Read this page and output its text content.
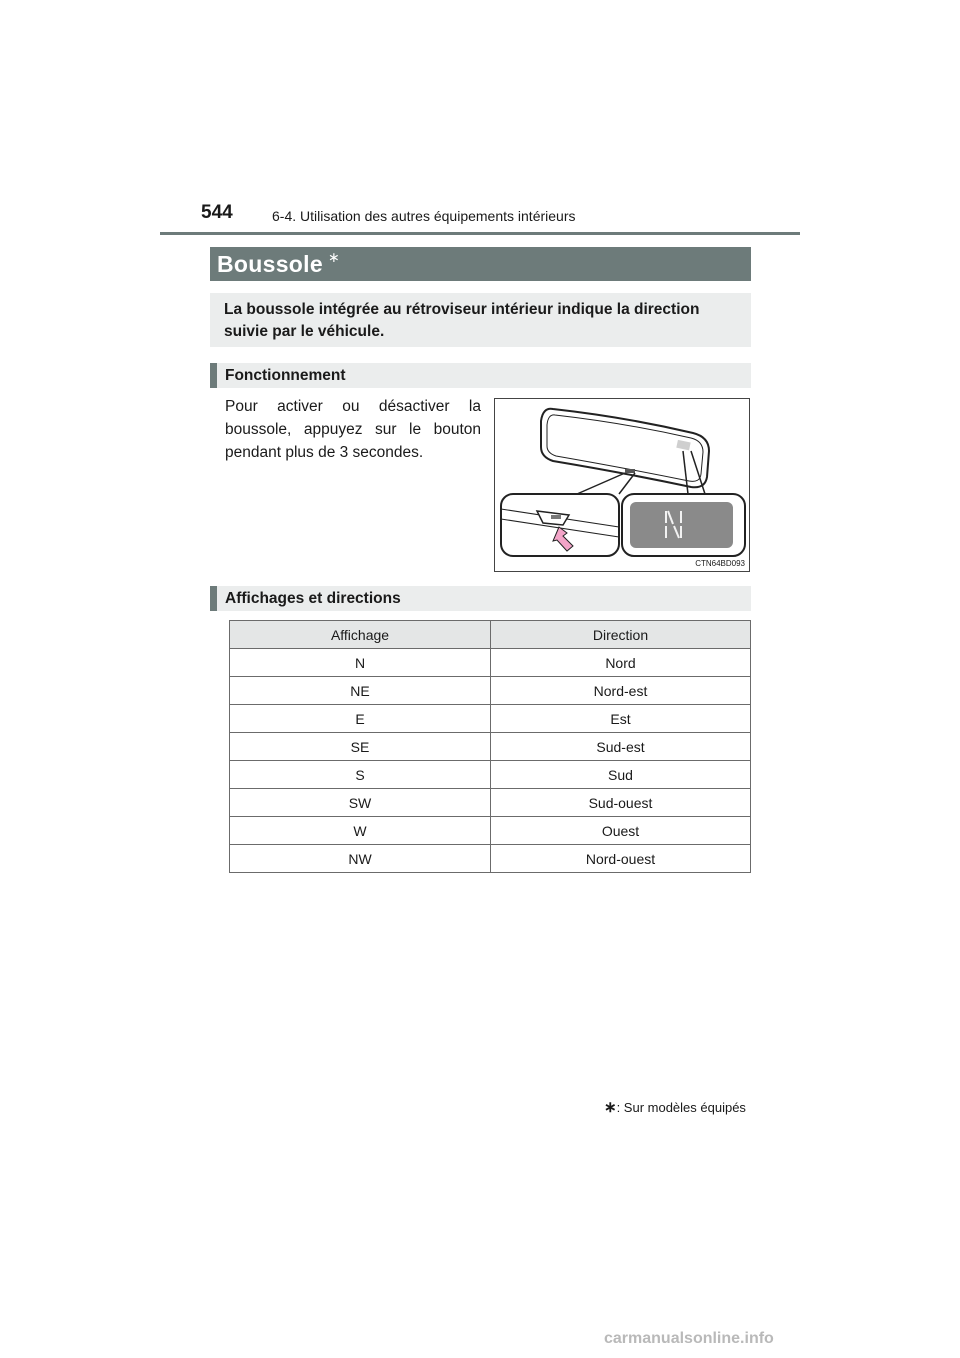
544	6-4. Utilisation des autres équipements intérieurs
Boussole ∗
La boussole intégrée au rétroviseur intérieur indique la direction suivie par le véhicule.
Fonctionnement
Pour activer ou désactiver la boussole, appuyez sur le bouton pendant plus de 3 secondes.
CTN64BD093
Affichages et directions
Affichage	Direction
N	Nord
NE	Nord-est
E	Est
SE	Sud-est
S	Sud
SW	Sud-ouest
W	Ouest
NW	Nord-ouest
∗: Sur modèles équipés
carmanualsonline.info
